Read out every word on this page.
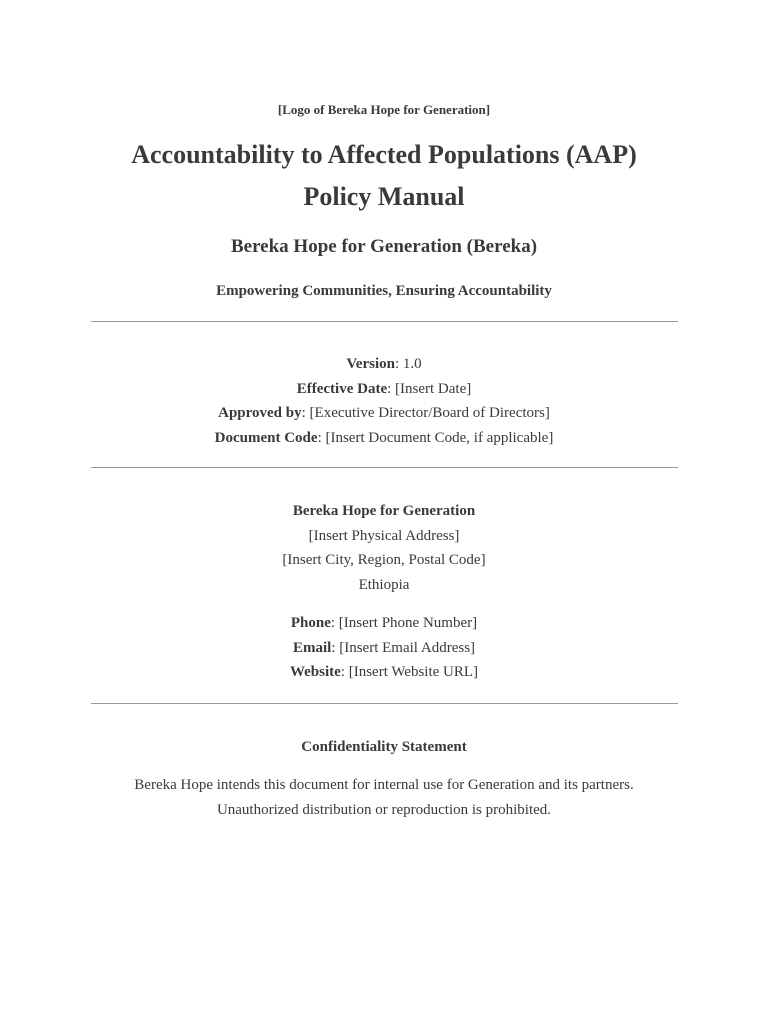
[Logo of Bereka Hope for Generation]
Accountability to Affected Populations (AAP)
Policy Manual
Bereka Hope for Generation (Bereka)
Empowering Communities, Ensuring Accountability
Version: 1.0
Effective Date: [Insert Date]
Approved by: [Executive Director/Board of Directors]
Document Code: [Insert Document Code, if applicable]
Bereka Hope for Generation
[Insert Physical Address]
[Insert City, Region, Postal Code]
Ethiopia
Phone: [Insert Phone Number]
Email: [Insert Email Address]
Website: [Insert Website URL]
Confidentiality Statement
Bereka Hope intends this document for internal use for Generation and its partners.
Unauthorized distribution or reproduction is prohibited.
